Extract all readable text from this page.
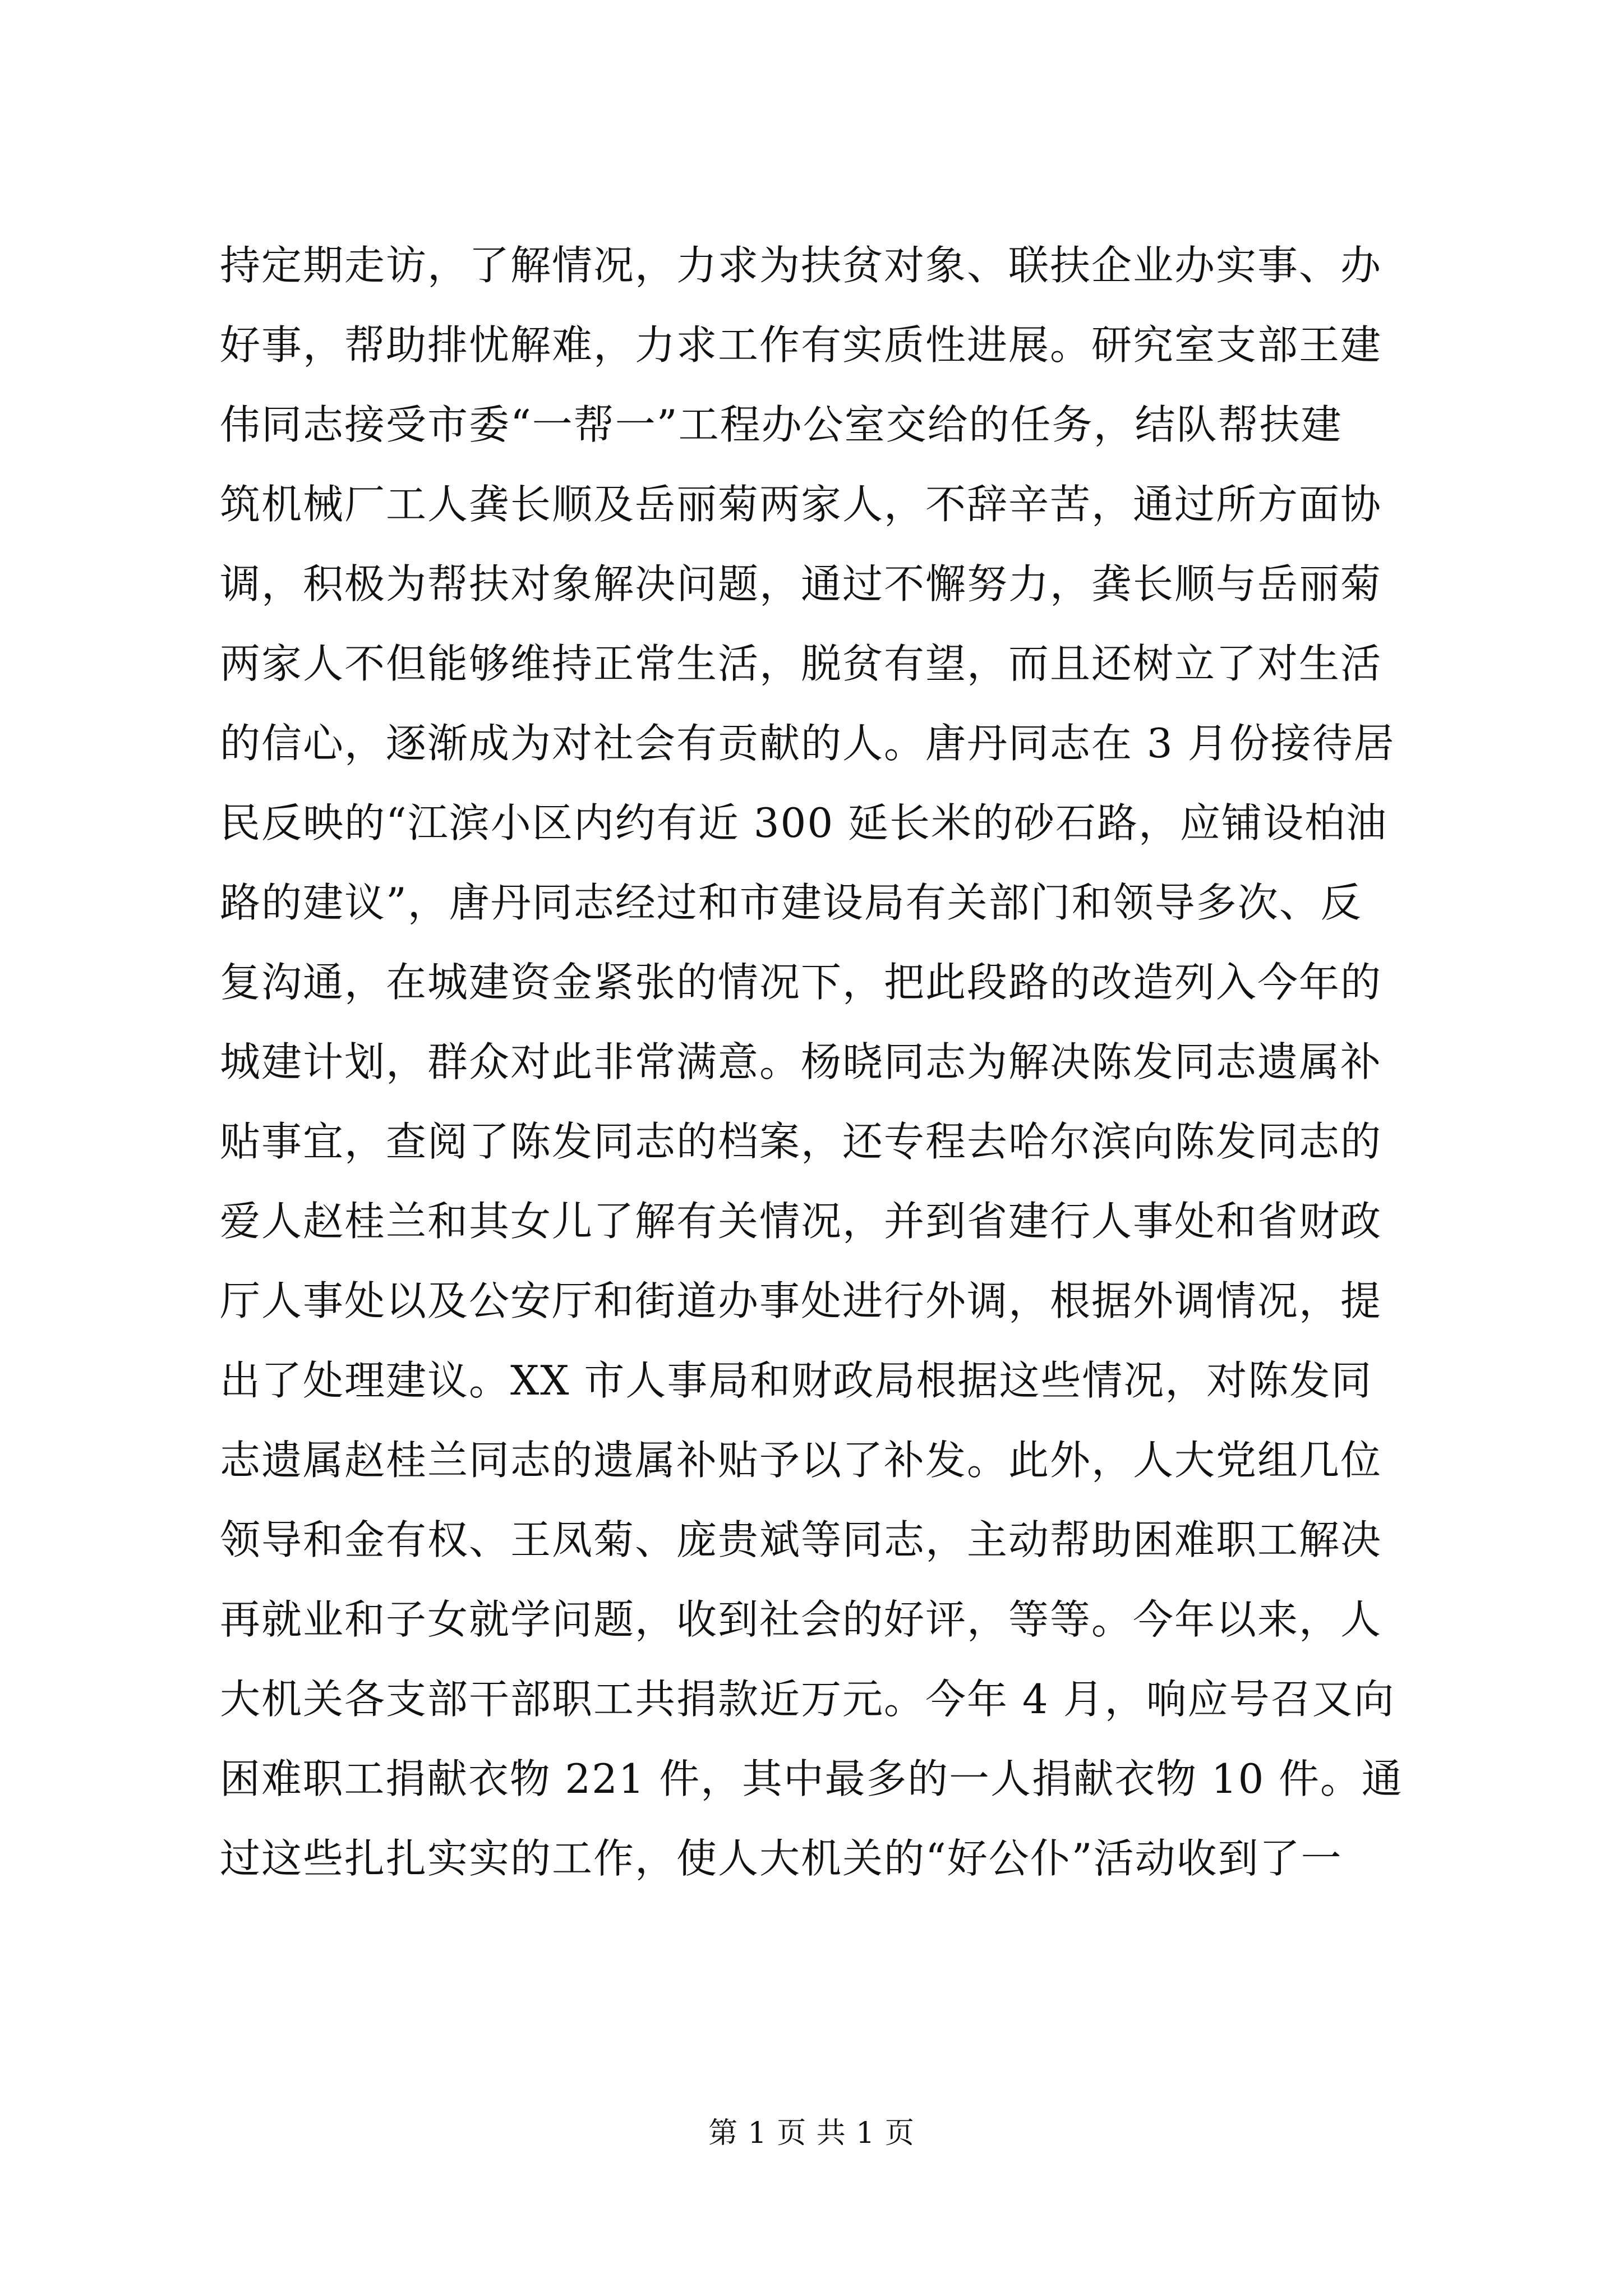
持定期走访，了解情况，力求为扶贫对象、联扶企业办实事、办
好事，帮助排忧解难，力求工作有实质性进展。研究室支部王建
伟同志接受市委“一帮一”工程办公室交给的任务，结队帮扶建
筑机械厂工人龚长顺及岳丽菊两家人，不辞辛苦，通过所方面协
调，积极为帮扶对象解决问题，通过不懈努力，龚长顺与岳丽菊
两家人不但能够维持正常生活，脱贫有望，而且还树立了对生活
的信心，逐渐成为对社会有贡献的人。唐丹同志在 3 月份接待居
民反映的“江滨小区内约有近 300 延长米的砂石路，应铺设柏油
路的建议”，唐丹同志经过和市建设局有关部门和领导多次、反
复沟通，在城建资金紧张的情况下，把此段路的改造列入今年的
城建计划，群众对此非常满意。杨晓同志为解决陈发同志遗属补
贴事宜，查阅了陈发同志的档案，还专程去哈尔滨向陈发同志的
爱人赵桂兰和其女儿了解有关情况，并到省建行人事处和省财政
厅人事处以及公安厅和街道办事处进行外调，根据外调情况，提
出了处理建议。XX 市人事局和财政局根据这些情况，对陈发同
志遗属赵桂兰同志的遗属补贴予以了补发。此外，人大党组几位
领导和金有权、王凤菊、庞贵斌等同志，主动帮助困难职工解决
再就业和子女就学问题，收到社会的好评，等等。今年以来，人
大机关各支部干部职工共捐款近万元。今年 4 月，响应号召又向
困难职工捐献衣物 221 件，其中最多的一人捐献衣物 10 件。通
过这些扎扎实实的工作，使人大机关的“好公仆”活动收到了一
第 1 页 共 1 页
